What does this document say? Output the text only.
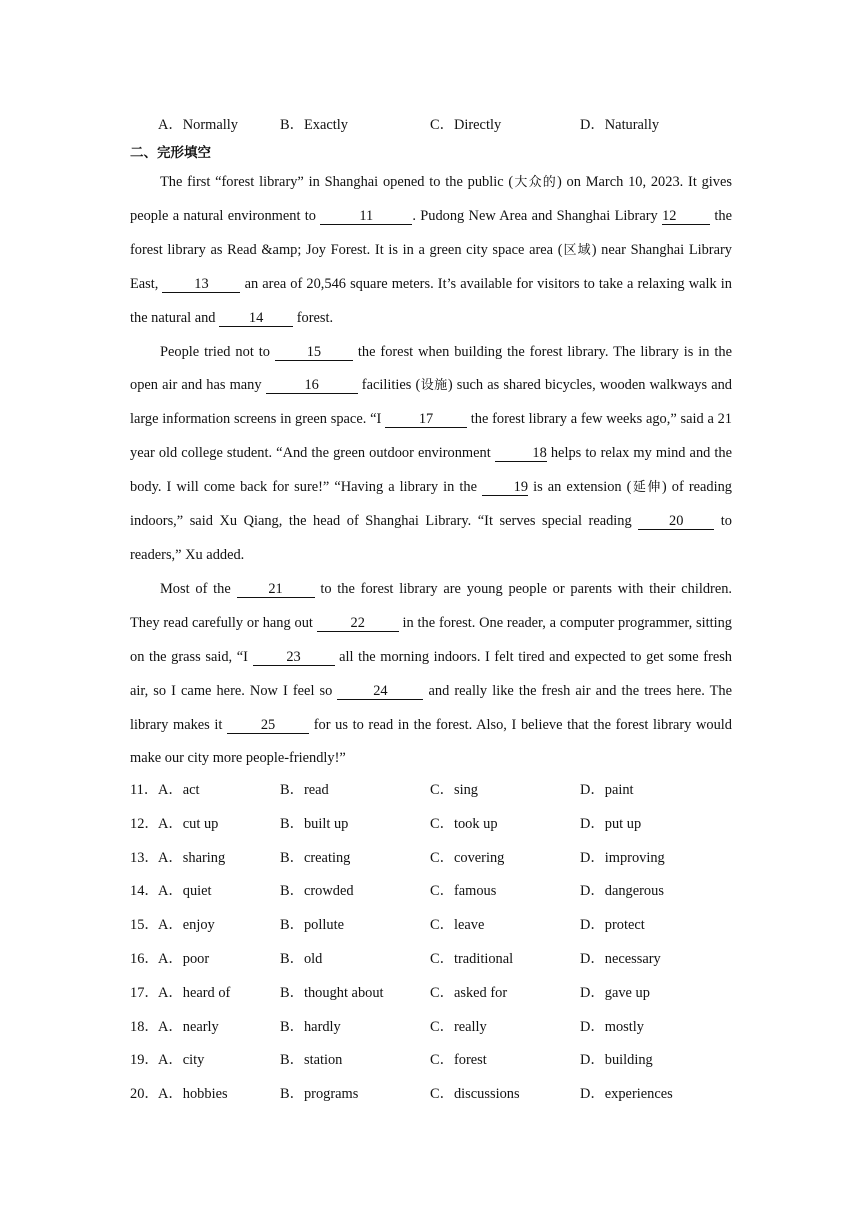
A．Normally	B．Exactly	C．Directly	D．Naturally
二、完形填空

The first “forest library” in Shanghai opened to the public (大众的) on March 10, 2023. It gives people a natural environment to	11	. Pudong New Area and Shanghai Library 12 the forest library as Read &amp; Joy Forest. It is in a green city space area (区域) near Shanghai Library East, 13 an area of 20,546 square meters. It’s available for visitors to take a relaxing walk in the natural and 14 forest.

People tried not to 15 the forest when building the forest library. The library is in the open air and has many	16	facilities (设施) such as shared bicycles, wooden walkways and large information screens in green space. “I 17 the forest library a few weeks ago,” said a 21 year old college student. “And the green outdoor environment	18 helps to relax my mind and the body. I will come back for sure!” “Having a library in the 19 is an extension (延伸) of reading indoors,” said Xu Qiang, the head of Shanghai Library. “It serves special reading 20 to readers,” Xu added.

Most of the 21 to the forest library are young people or parents with their children. They read carefully or hang out 22 in the forest. One reader, a computer programmer, sitting on the grass said, “I 23 all the morning indoors. I felt tired and expected to get some fresh air, so I came here. Now I feel so 24 and really like the fresh air and the trees here. The library makes it 25 for us to read in the forest. Also, I believe that the forest library would make our city more people-friendly!”

11． A．act	B．read	C．sing	D．paint
12． A．cut up	B．built up	C．took up	D．put up
13． A．sharing	B．creating	C．covering	D．improving
14． A．quiet	B．crowded	C．famous	D．dangerous
15． A．enjoy	B．pollute	C．leave	D．protect
16． A．poor	B．old	C．traditional	D．necessary
17． A．heard of	B．thought about	C．asked for	D．gave up
18． A．nearly	B．hardly	C．really	D．mostly
19． A．city	B．station	C．forest	D．building
20． A．hobbies	B．programs	C．discussions	D．experiences
